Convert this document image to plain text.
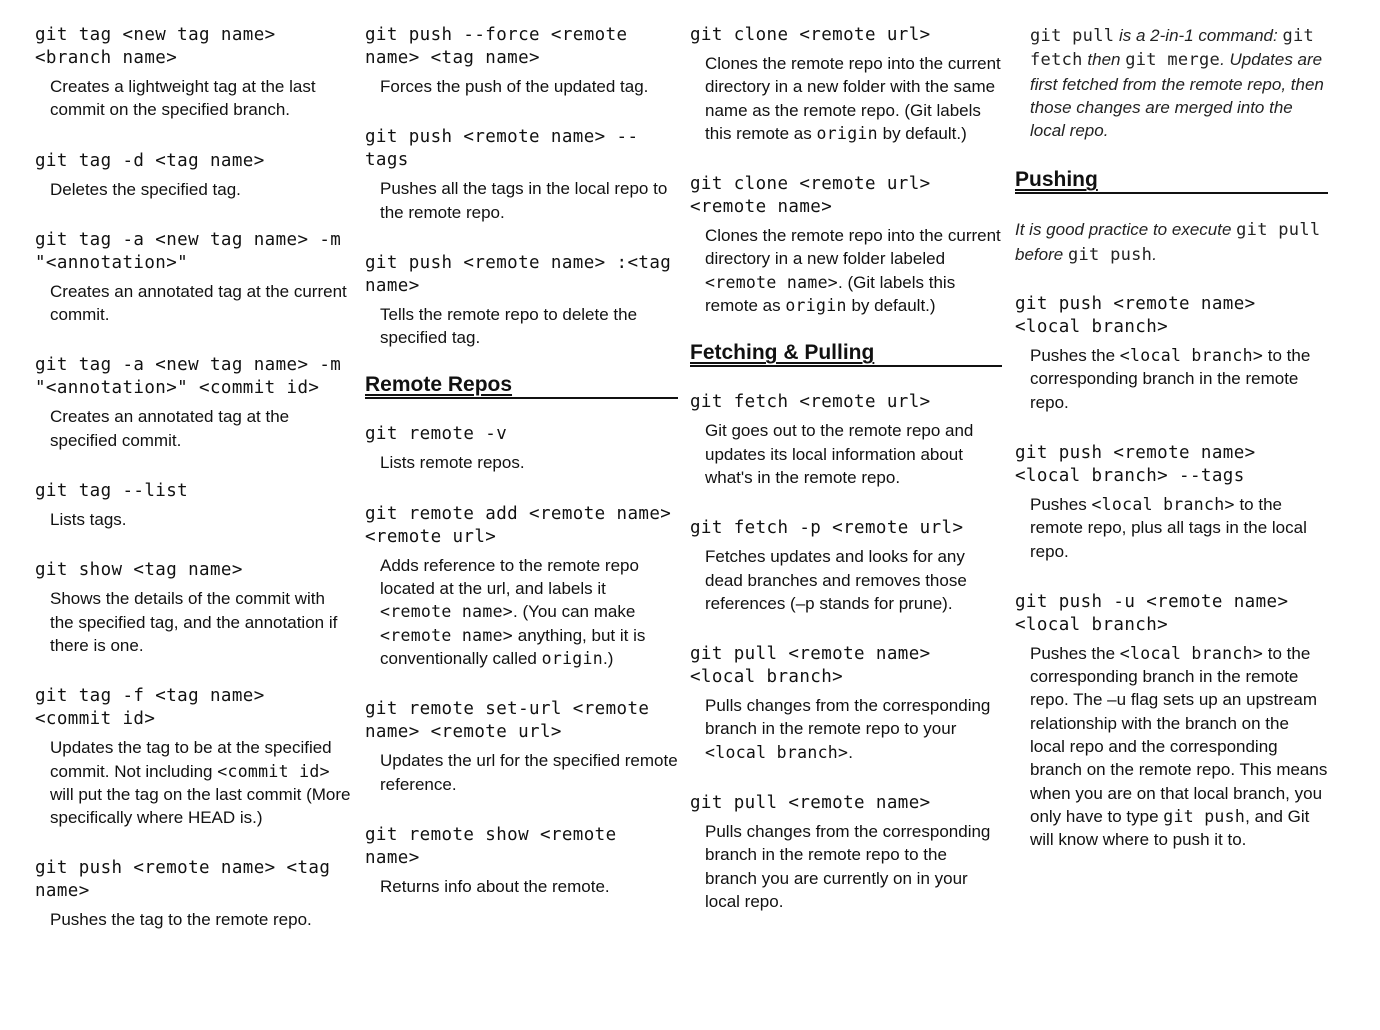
git tag <new tag name>
<branch name>
Creates a lightweight tag at the last commit on the specified branch.
git tag -d <tag name>
Deletes the specified tag.
git tag -a <new tag name> -m
"<annotation>"
Creates an annotated tag at the current commit.
git tag -a <new tag name> -m
"<annotation>" <commit id>
Creates an annotated tag at the specified commit.
git tag --list
Lists tags.
git show <tag name>
Shows the details of the commit with the specified tag, and the annotation if there is one.
git tag -f <tag name>
<commit id>
Updates the tag to be at the specified commit. Not including <commit id> will put the tag on the last commit (More specifically where HEAD is.)
git push <remote name> <tag
name>
Pushes the tag to the remote repo.
git push --force <remote
name> <tag name>
Forces the push of the updated tag.
git push <remote name> --
tags
Pushes all the tags in the local repo to the remote repo.
git push <remote name> :<tag
name>
Tells the remote repo to delete the specified tag.
Remote Repos
git remote -v
Lists remote repos.
git remote add <remote name>
<remote url>
Adds reference to the remote repo located at the url, and labels it <remote name>. (You can make <remote name> anything, but it is conventionally called origin.)
git remote set-url <remote
name> <remote url>
Updates the url for the specified remote reference.
git remote show <remote
name>
Returns info about the remote.
git clone <remote url>
Clones the remote repo into the current directory in a new folder with the same name as the remote repo. (Git labels this remote as origin by default.)
git clone <remote url>
<remote name>
Clones the remote repo into the current directory in a new folder labeled <remote name>. (Git labels this remote as origin by default.)
Fetching & Pulling
git fetch <remote url>
Git goes out to the remote repo and updates its local information about what's in the remote repo.
git fetch -p <remote url>
Fetches updates and looks for any dead branches and removes those references (–p stands for prune).
git pull <remote name>
<local branch>
Pulls changes from the corresponding branch in the remote repo to your <local branch>.
git pull <remote name>
Pulls changes from the corresponding branch in the remote repo to the branch you are currently on in your local repo.
git pull is a 2-in-1 command: git fetch then git merge. Updates are first fetched from the remote repo, then those changes are merged into the local repo.
Pushing
It is good practice to execute git pull before git push.
git push <remote name>
<local branch>
Pushes the <local branch> to the corresponding branch in the remote repo.
git push <remote name>
<local branch> --tags
Pushes <local branch> to the remote repo, plus all tags in the local repo.
git push -u <remote name>
<local branch>
Pushes the <local branch> to the corresponding branch in the remote repo. The –u flag sets up an upstream relationship with the branch on the local repo and the corresponding branch on the remote repo. This means when you are on that local branch, you only have to type git push, and Git will know where to push it to.
